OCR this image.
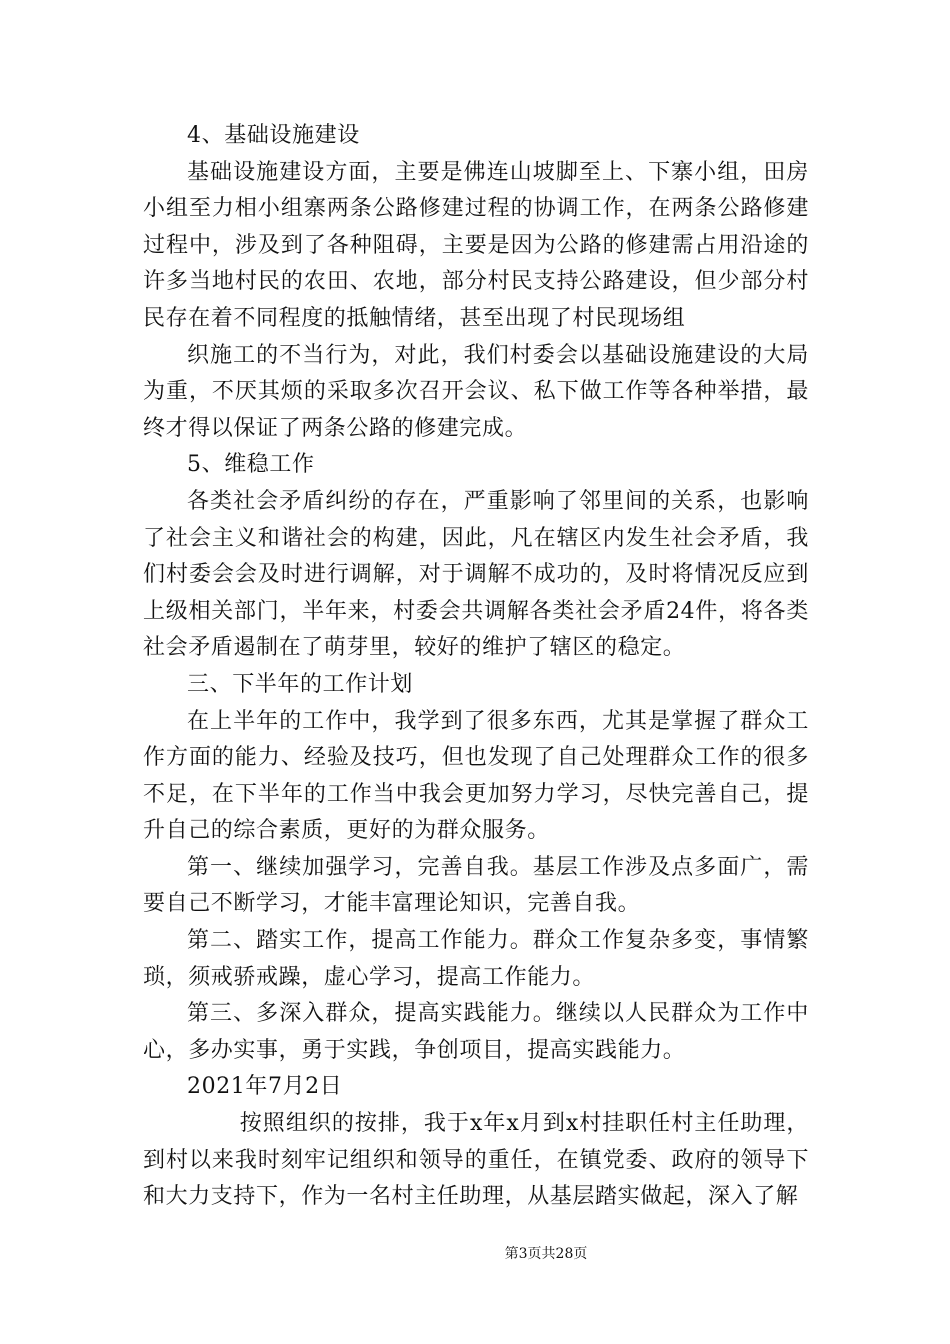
4、基础设施建设

基础设施建设方面，主要是佛连山坡脚至上、下寨小组，田房小组至力相小组寨两条公路修建过程的协调工作，在两条公路修建过程中，涉及到了各种阻碍，主要是因为公路的修建需占用沿途的许多当地村民的农田、农地，部分村民支持公路建设，但少部分村民存在着不同程度的抵触情绪，甚至出现了村民现场组

织施工的不当行为，对此，我们村委会以基础设施建设的大局为重，不厌其烦的采取多次召开会议、私下做工作等各种举措，最终才得以保证了两条公路的修建完成。

5、维稳工作

各类社会矛盾纠纷的存在，严重影响了邻里间的关系，也影响了社会主义和谐社会的构建，因此，凡在辖区内发生社会矛盾，我们村委会会及时进行调解，对于调解不成功的，及时将情况反应到上级相关部门，半年来，村委会共调解各类社会矛盾24件，将各类社会矛盾遏制在了萌芽里，较好的维护了辖区的稳定。

三、下半年的工作计划

在上半年的工作中，我学到了很多东西，尤其是掌握了群众工作方面的能力、经验及技巧，但也发现了自己处理群众工作的很多不足，在下半年的工作当中我会更加努力学习，尽快完善自己，提升自己的综合素质，更好的为群众服务。

第一、继续加强学习，完善自我。基层工作涉及点多面广，需要自己不断学习，才能丰富理论知识，完善自我。

第二、踏实工作，提高工作能力。群众工作复杂多变，事情繁琐，须戒骄戒躁，虚心学习，提高工作能力。

第三、多深入群众，提高实践能力。继续以人民群众为工作中心，多办实事，勇于实践，争创项目，提高实践能力。

2021年7月2日

按照组织的按排，我于x年x月到x村挂职任村主任助理，到村以来我时刻牢记组织和领导的重任，在镇党委、政府的领导下和大力支持下，作为一名村主任助理，从基层踏实做起，深入了解

第3页共28页
